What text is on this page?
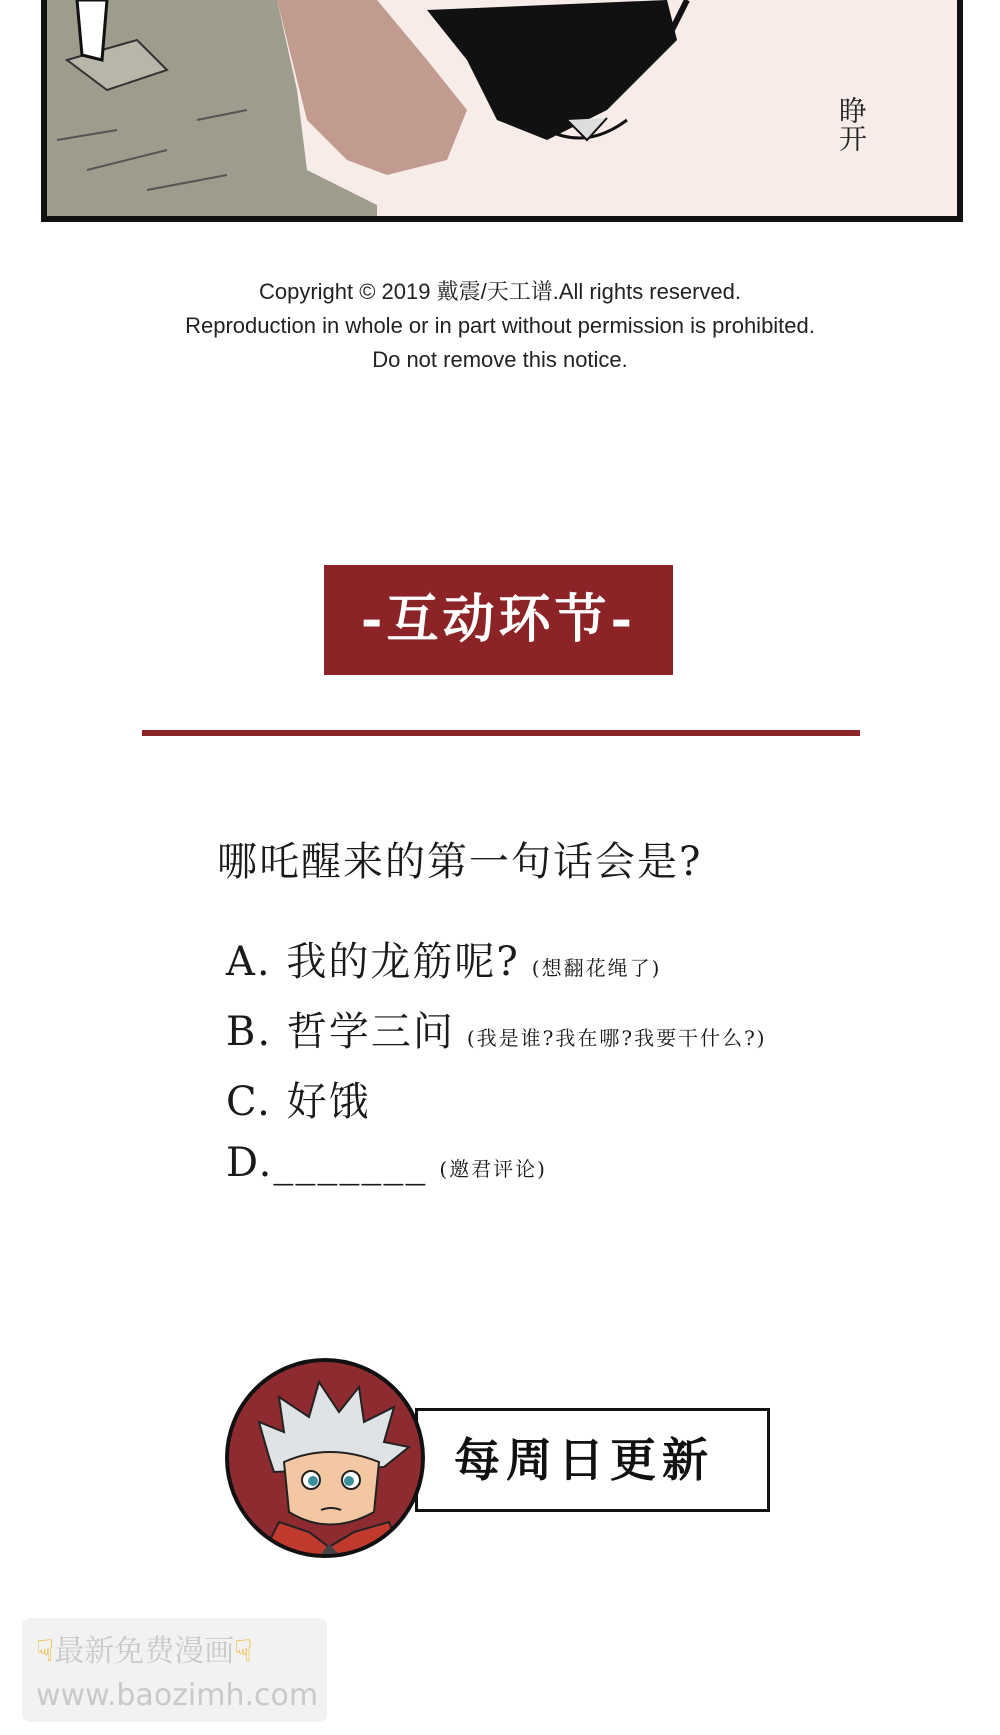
睁开
Copyright © 2019 戴震/天工谱.All rights reserved.
Reproduction in whole or in part without permission is prohibited.
Do not remove this notice.
-互动环节-
哪吒醒来的第一句话会是?
A. 我的龙筋呢? (想翻花绳了)
B. 哲学三问 (我是谁?我在哪?我要干什么?)
C. 好饿
D._______ (邀君评论)
每周日更新
☟最新免费漫画☟
www.baozimh.com
